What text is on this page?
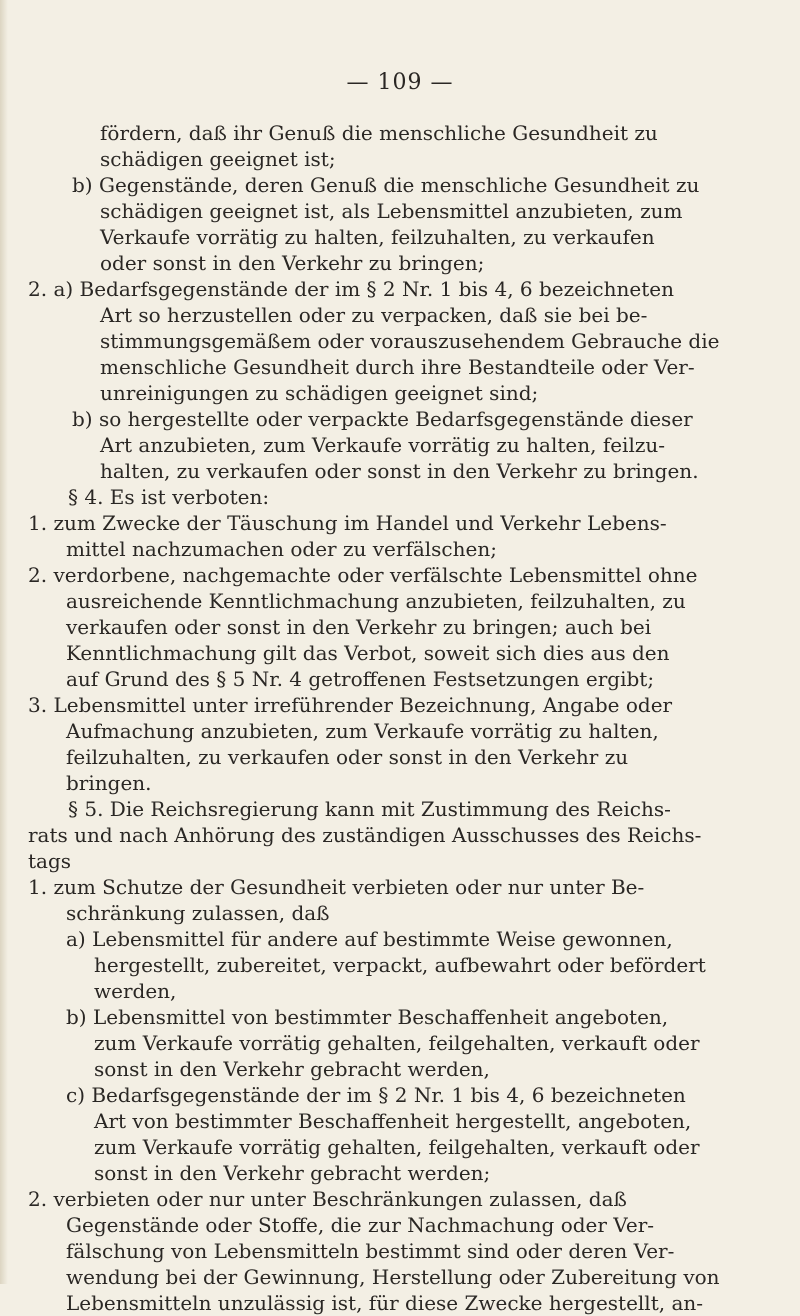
— 109 —
fördern, daß ihr Genuß die menschliche Gesundheit zu
schädigen geeignet ist;
b) Gegenstände, deren Genuß die menschliche Gesundheit zu
schädigen geeignet ist, als Lebensmittel anzubieten, zum
Verkaufe vorrätig zu halten, feilzuhalten, zu verkaufen
oder sonst in den Verkehr zu bringen;
2. a) Bedarfsgegenstände der im § 2 Nr. 1 bis 4, 6 bezeichneten
Art so herzustellen oder zu verpacken, daß sie bei be-
stimmungsgemäßem oder vorauszusehendem Gebrauche die
menschliche Gesundheit durch ihre Bestandteile oder Ver-
unreinigungen zu schädigen geeignet sind;
b) so hergestellte oder verpackte Bedarfsgegenstände dieser
Art anzubieten, zum Verkaufe vorrätig zu halten, feilzu-
halten, zu verkaufen oder sonst in den Verkehr zu bringen.
§ 4. Es ist verboten:
1. zum Zwecke der Täuschung im Handel und Verkehr Lebens-
mittel nachzumachen oder zu verfälschen;
2. verdorbene, nachgemachte oder verfälschte Lebensmittel ohne
ausreichende Kenntlichmachung anzubieten, feilzuhalten, zu
verkaufen oder sonst in den Verkehr zu bringen; auch bei
Kenntlichmachung gilt das Verbot, soweit sich dies aus den
auf Grund des § 5 Nr. 4 getroffenen Festsetzungen ergibt;
3. Lebensmittel unter irreführender Bezeichnung, Angabe oder
Aufmachung anzubieten, zum Verkaufe vorrätig zu halten,
feilzuhalten, zu verkaufen oder sonst in den Verkehr zu
bringen.
§ 5. Die Reichsregierung kann mit Zustimmung des Reichs-
rats und nach Anhörung des zuständigen Ausschusses des Reichs-
tags
1. zum Schutze der Gesundheit verbieten oder nur unter Be-
schränkung zulassen, daß
a) Lebensmittel für andere auf bestimmte Weise gewonnen,
hergestellt, zubereitet, verpackt, aufbewahrt oder befördert
werden,
b) Lebensmittel von bestimmter Beschaffenheit angeboten,
zum Verkaufe vorrätig gehalten, feilgehalten, verkauft oder
sonst in den Verkehr gebracht werden,
c) Bedarfsgegenstände der im § 2 Nr. 1 bis 4, 6 bezeichneten
Art von bestimmter Beschaffenheit hergestellt, angeboten,
zum Verkaufe vorrätig gehalten, feilgehalten, verkauft oder
sonst in den Verkehr gebracht werden;
2. verbieten oder nur unter Beschränkungen zulassen, daß
Gegenstände oder Stoffe, die zur Nachmachung oder Ver-
fälschung von Lebensmitteln bestimmt sind oder deren Ver-
wendung bei der Gewinnung, Herstellung oder Zubereitung von
Lebensmitteln unzulässig ist, für diese Zwecke hergestellt, an-
